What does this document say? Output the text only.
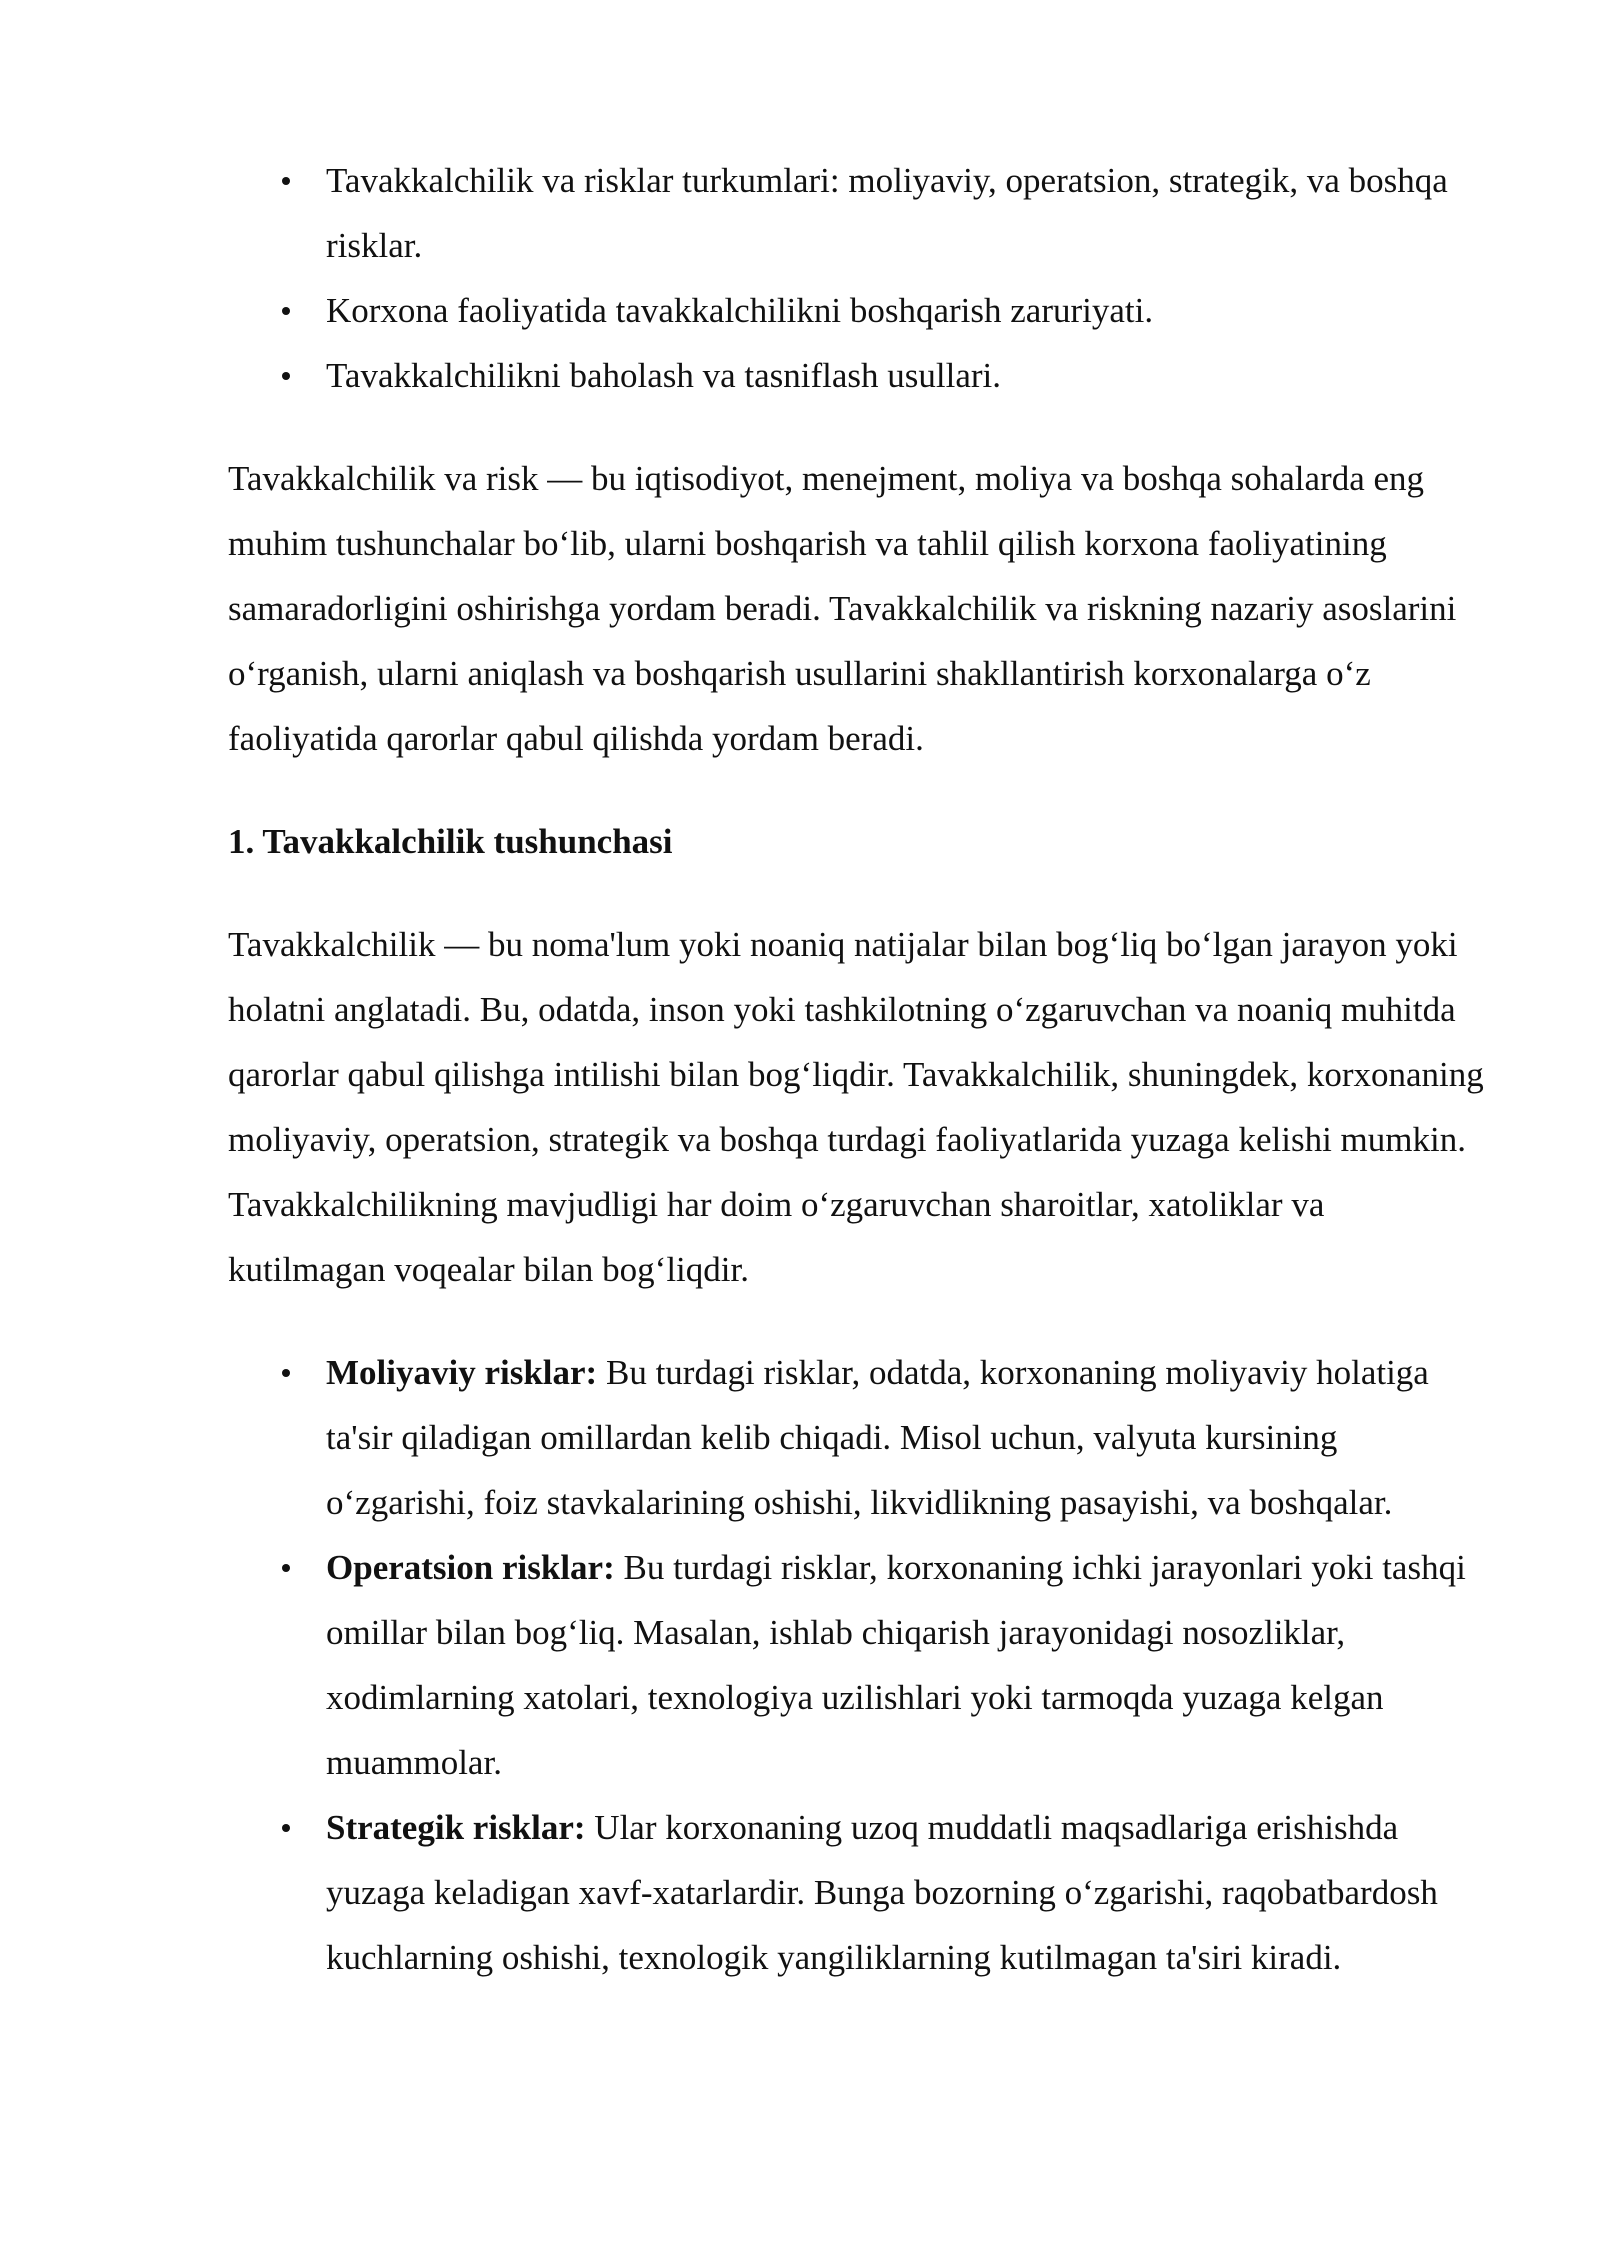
Tavakkalchilik va risklar turkumlari: moliyaviy, operatsion, strategik, va boshqa risklar.
Korxona faoliyatida tavakkalchilikni boshqarish zaruriyati.
Tavakkalchilikni baholash va tasniflash usullari.

Tavakkalchilik va risk — bu iqtisodiyot, menejment, moliya va boshqa sohalarda eng muhim tushunchalar bo‘lib, ularni boshqarish va tahlil qilish korxona faoliyatining samaradorligini oshirishga yordam beradi. Tavakkalchilik va riskning nazariy asoslarini o‘rganish, ularni aniqlash va boshqarish usullarini shakllantirish korxonalarga o‘z faoliyatida qarorlar qabul qilishda yordam beradi.

1. Tavakkalchilik tushunchasi

Tavakkalchilik — bu noma'lum yoki noaniq natijalar bilan bog‘liq bo‘lgan jarayon yoki holatni anglatadi. Bu, odatda, inson yoki tashkilotning o‘zgaruvchan va noaniq muhitda qarorlar qabul qilishga intilishi bilan bog‘liqdir. Tavakkalchilik, shuningdek, korxonaning moliyaviy, operatsion, strategik va boshqa turdagi faoliyatlarida yuzaga kelishi mumkin. Tavakkalchilikning mavjudligi har doim o‘zgaruvchan sharoitlar, xatoliklar va kutilmagan voqealar bilan bog‘liqdir.

Moliyaviy risklar: Bu turdagi risklar, odatda, korxonaning moliyaviy holatiga ta'sir qiladigan omillardan kelib chiqadi. Misol uchun, valyuta kursining o‘zgarishi, foiz stavkalarining oshishi, likvidlikning pasayishi, va boshqalar.
Operatsion risklar: Bu turdagi risklar, korxonaning ichki jarayonlari yoki tashqi omillar bilan bog‘liq. Masalan, ishlab chiqarish jarayonidagi nosozliklar, xodimlarning xatolari, texnologiya uzilishlari yoki tarmoqda yuzaga kelgan muammolar.
Strategik risklar: Ular korxonaning uzoq muddatli maqsadlariga erishishda yuzaga keladigan xavf-xatarlardir. Bunga bozorning o‘zgarishi, raqobatbardosh kuchlarning oshishi, texnologik yangiliklarning kutilmagan ta'siri kiradi.
